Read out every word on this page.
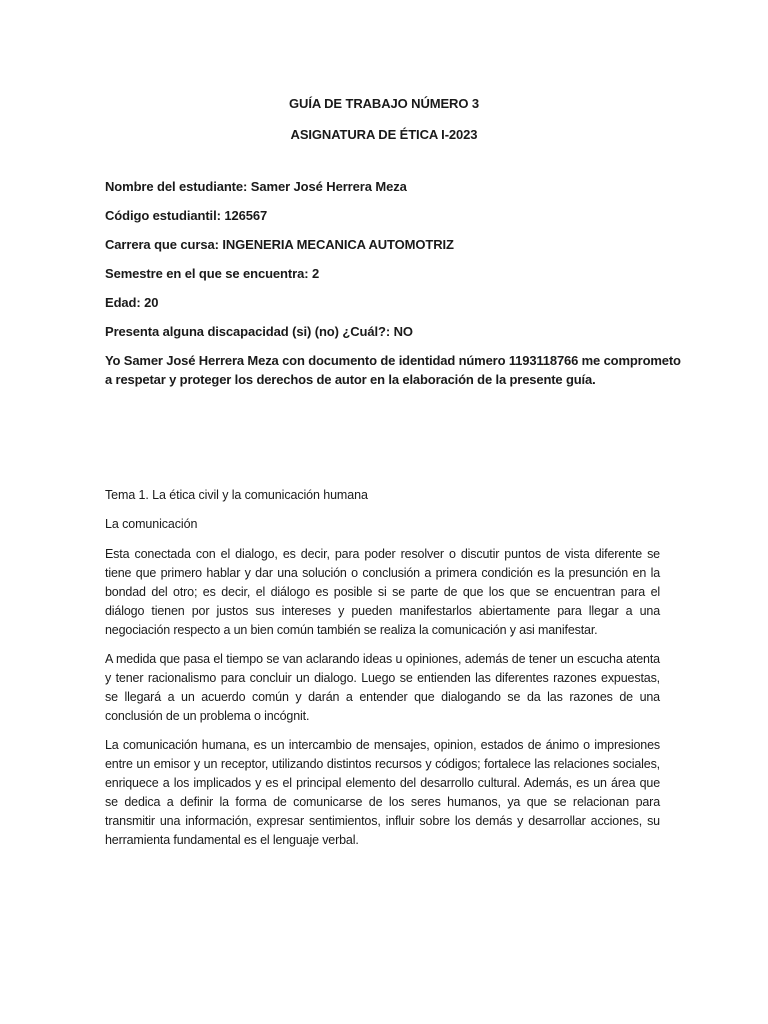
GUÍA DE TRABAJO NÚMERO 3
ASIGNATURA DE ÉTICA I-2023
Nombre del estudiante: Samer José Herrera Meza
Código estudiantil: 126567
Carrera que cursa: INGENERIA MECANICA AUTOMOTRIZ
Semestre en el que se encuentra: 2
Edad: 20
Presenta alguna discapacidad (si) (no) ¿Cuál?: NO
Yo Samer José Herrera Meza con documento de identidad número 1193118766 me comprometo
a respetar y proteger los derechos de autor en la elaboración de la presente guía.
Tema 1. La ética civil y la comunicación humana
La comunicación
Esta conectada con el dialogo, es decir, para poder resolver o discutir puntos de vista diferente se tiene que primero hablar y dar una solución o conclusión a primera condición es la presunción en la bondad del otro; es decir, el diálogo es posible si se parte de que los que se encuentran para el diálogo tienen por justos sus intereses y pueden manifestarlos abiertamente para llegar a una negociación respecto a un bien común también se realiza la comunicación y asi manifestar.
A medida que pasa el tiempo se van aclarando ideas u opiniones, además de tener un escucha atenta y tener racionalismo para concluir un dialogo. Luego se entienden las diferentes razones expuestas, se llegará a un acuerdo común y darán a entender que dialogando se da las razones de una conclusión de un problema o incógnit.
La comunicación humana, es un intercambio de mensajes, opinion, estados de ánimo o impresiones entre un emisor y un receptor, utilizando distintos recursos y códigos; fortalece las relaciones sociales, enriquece a los implicados y es el principal elemento del desarrollo cultural. Además, es un área que se dedica a definir la forma de comunicarse de los seres humanos, ya que se relacionan para transmitir una información, expresar sentimientos, influir sobre los demás y desarrollar acciones, su herramienta fundamental es el lenguaje verbal.
